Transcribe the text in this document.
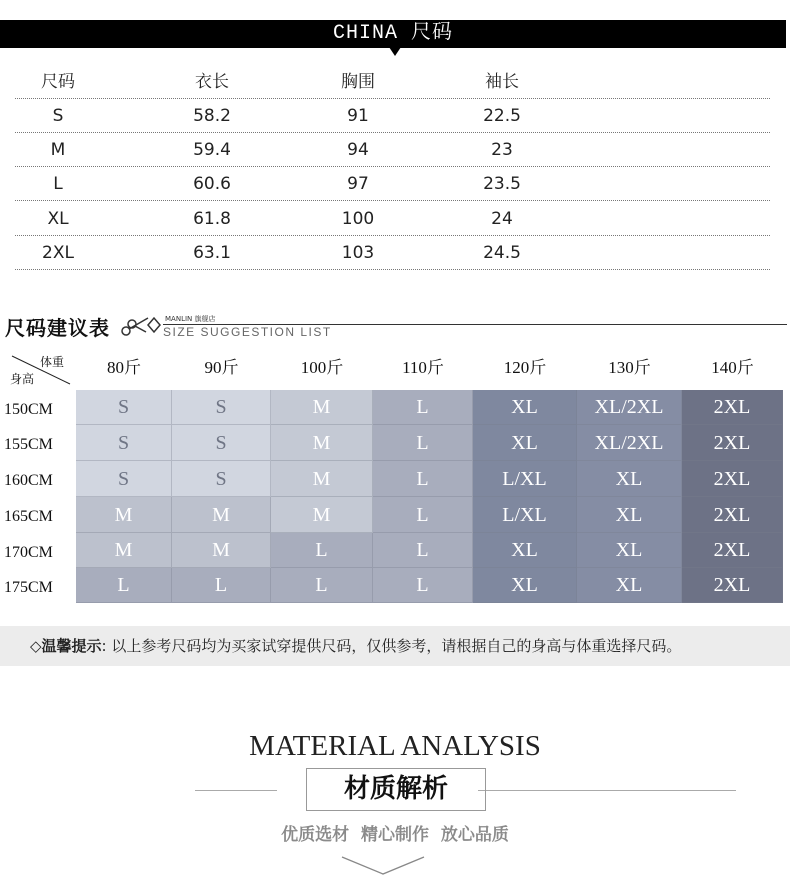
CHINA 尺码
尺码	衣长	胸围	袖长
S	58.2	91	22.5
M	59.4	94	23
L	60.6	97	23.5
XL	61.8	100	24
2XL	63.1	103	24.5
尺码建议表	MANLIN 旗舰店
SIZE SUGGESTION LIST
体重
身高
80斤	90斤	100斤	110斤	120斤	130斤	140斤
150CM	S	S	M	L	XL	XL/2XL	2XL
155CM	S	S	M	L	XL	XL/2XL	2XL
160CM	S	S	M	L	L/XL	XL	2XL
165CM	M	M	M	L	L/XL	XL	2XL
170CM	M	M	L	L	XL	XL	2XL
175CM	L	L	L	L	XL	XL	2XL
◇温馨提示: 以上参考尺码均为买家试穿提供尺码，仅供参考，请根据自己的身高与体重选择尺码。
MATERIAL ANALYSIS
材质解析
优质选材 精心制作 放心品质
